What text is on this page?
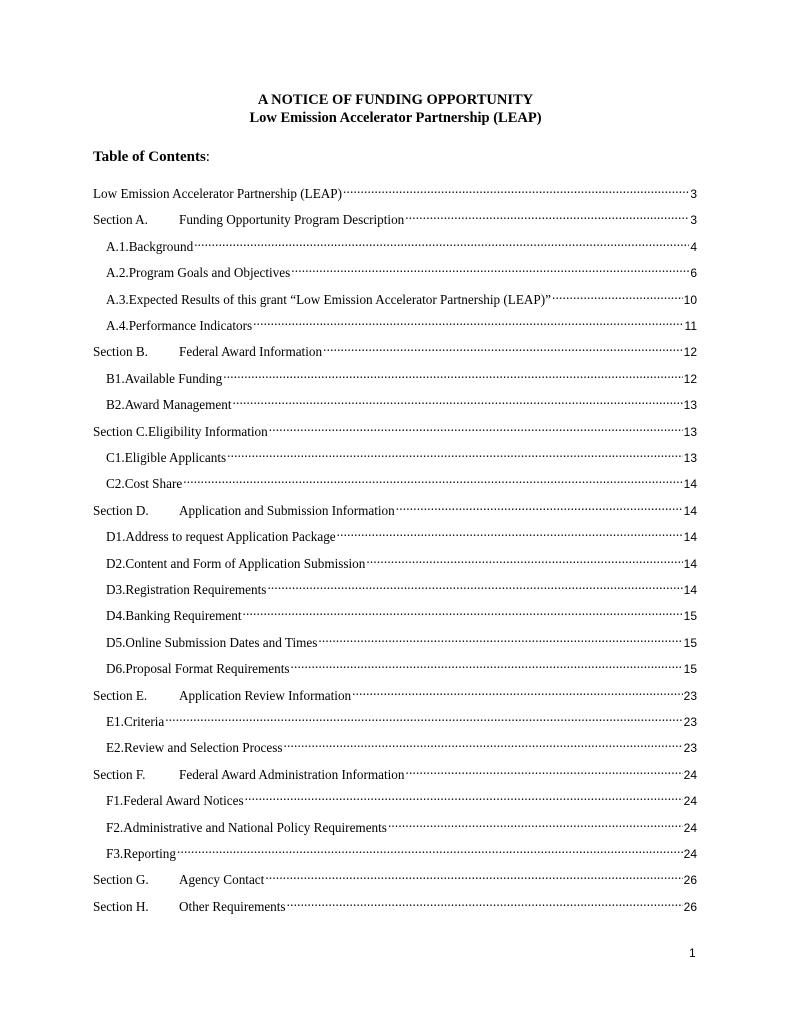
A NOTICE OF FUNDING OPPORTUNITY
Low Emission Accelerator Partnership (LEAP)
Table of Contents:
Low Emission Accelerator Partnership (LEAP) .....	3
Section A.	Funding Opportunity Program Description .....	3
A.1. Background .....	4
A.2. Program Goals and Objectives .....	6
A.3. Expected Results of this grant “Low Emission Accelerator Partnership (LEAP)” .....	10
A.4. Performance Indicators .....	11
Section B.	Federal Award Information .....	12
B1. Available Funding .....	12
B2. Award Management .....	13
Section C. Eligibility Information .....	13
C1. Eligible Applicants .....	13
C2. Cost Share .....	14
Section D.	Application and Submission Information .....	14
D1. Address to request Application Package .....	14
D2. Content and Form of Application Submission .....	14
D3. Registration Requirements .....	14
D4. Banking Requirement .....	15
D5. Online Submission Dates and Times .....	15
D6. Proposal Format Requirements .....	15
Section E.	Application Review Information .....	23
E1. Criteria .....	23
E2. Review and Selection Process .....	23
Section F.	Federal Award Administration Information .....	24
F1. Federal Award Notices .....	24
F2. Administrative and National Policy Requirements .....	24
F3. Reporting .....	24
Section G.	Agency Contact .....	26
Section H.	Other Requirements .....	26
1
